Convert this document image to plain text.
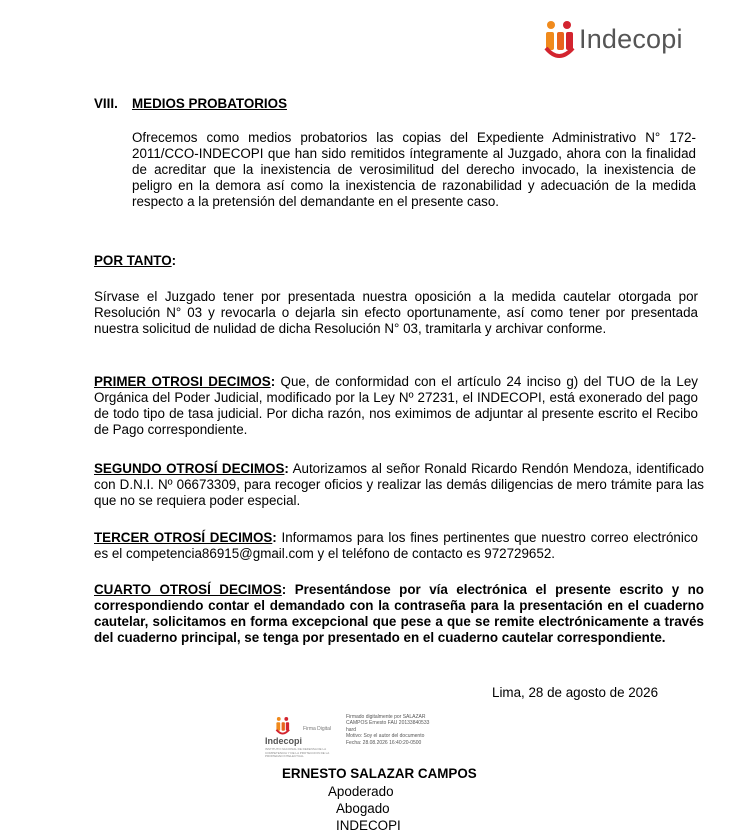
Indecopi
VIII. MEDIOS PROBATORIOS
Ofrecemos como medios probatorios las copias del Expediente Administrativo N° 172-2011/CCO-INDECOPI que han sido remitidos íntegramente al Juzgado, ahora con la finalidad de acreditar que la inexistencia de verosimilitud del derecho invocado, la inexistencia de peligro en la demora así como la inexistencia de razonabilidad y adecuación de la medida respecto a la pretensión del demandante en el presente caso.
POR TANTO:
Sírvase el Juzgado tener por presentada nuestra oposición a la medida cautelar otorgada por Resolución N° 03 y revocarla o dejarla sin efecto oportunamente, así como tener por presentada nuestra solicitud de nulidad de dicha Resolución N° 03, tramitarla y archivar conforme.
PRIMER OTROSI DECIMOS: Que, de conformidad con el artículo 24 inciso g) del TUO de la Ley Orgánica del Poder Judicial, modificado por la Ley Nº 27231, el INDECOPI, está exonerado del pago de todo tipo de tasa judicial. Por dicha razón, nos eximimos de adjuntar al presente escrito el Recibo de Pago correspondiente.
SEGUNDO OTROSÍ DECIMOS: Autorizamos al señor Ronald Ricardo Rendón Mendoza, identificado con D.N.I. Nº 06673309, para recoger oficios y realizar las demás diligencias de mero trámite para las que no se requiera poder especial.
TERCER OTROSÍ DECIMOS: Informamos para los fines pertinentes que nuestro correo electrónico es el competencia86915@gmail.com y el teléfono de contacto es 972729652.
CUARTO OTROSÍ DECIMOS: Presentándose por vía electrónica el presente escrito y no correspondiendo contar el demandado con la contraseña para la presentación en el cuaderno cautelar, solicitamos en forma excepcional que pese a que se remite electrónicamente a través del cuaderno principal, se tenga por presentado en el cuaderno cautelar correspondiente.
Lima, 28 de agosto de 2026
Indecopi
Firma Digital
INSTITUTO NACIONAL DE DEFENSA DE LA COMPETENCIA Y DE LA PROTECCION DE LA PROPIEDAD INTELECTUAL
Firmado digitalmente por SALAZAR
CAMPOS Ernesto FAU 20133840533
hard
Motivo: Soy el autor del documento
Fecha: 28.08.2026 16:40:20-0500
ERNESTO SALAZAR CAMPOS
Apoderado
Abogado
INDECOPI
